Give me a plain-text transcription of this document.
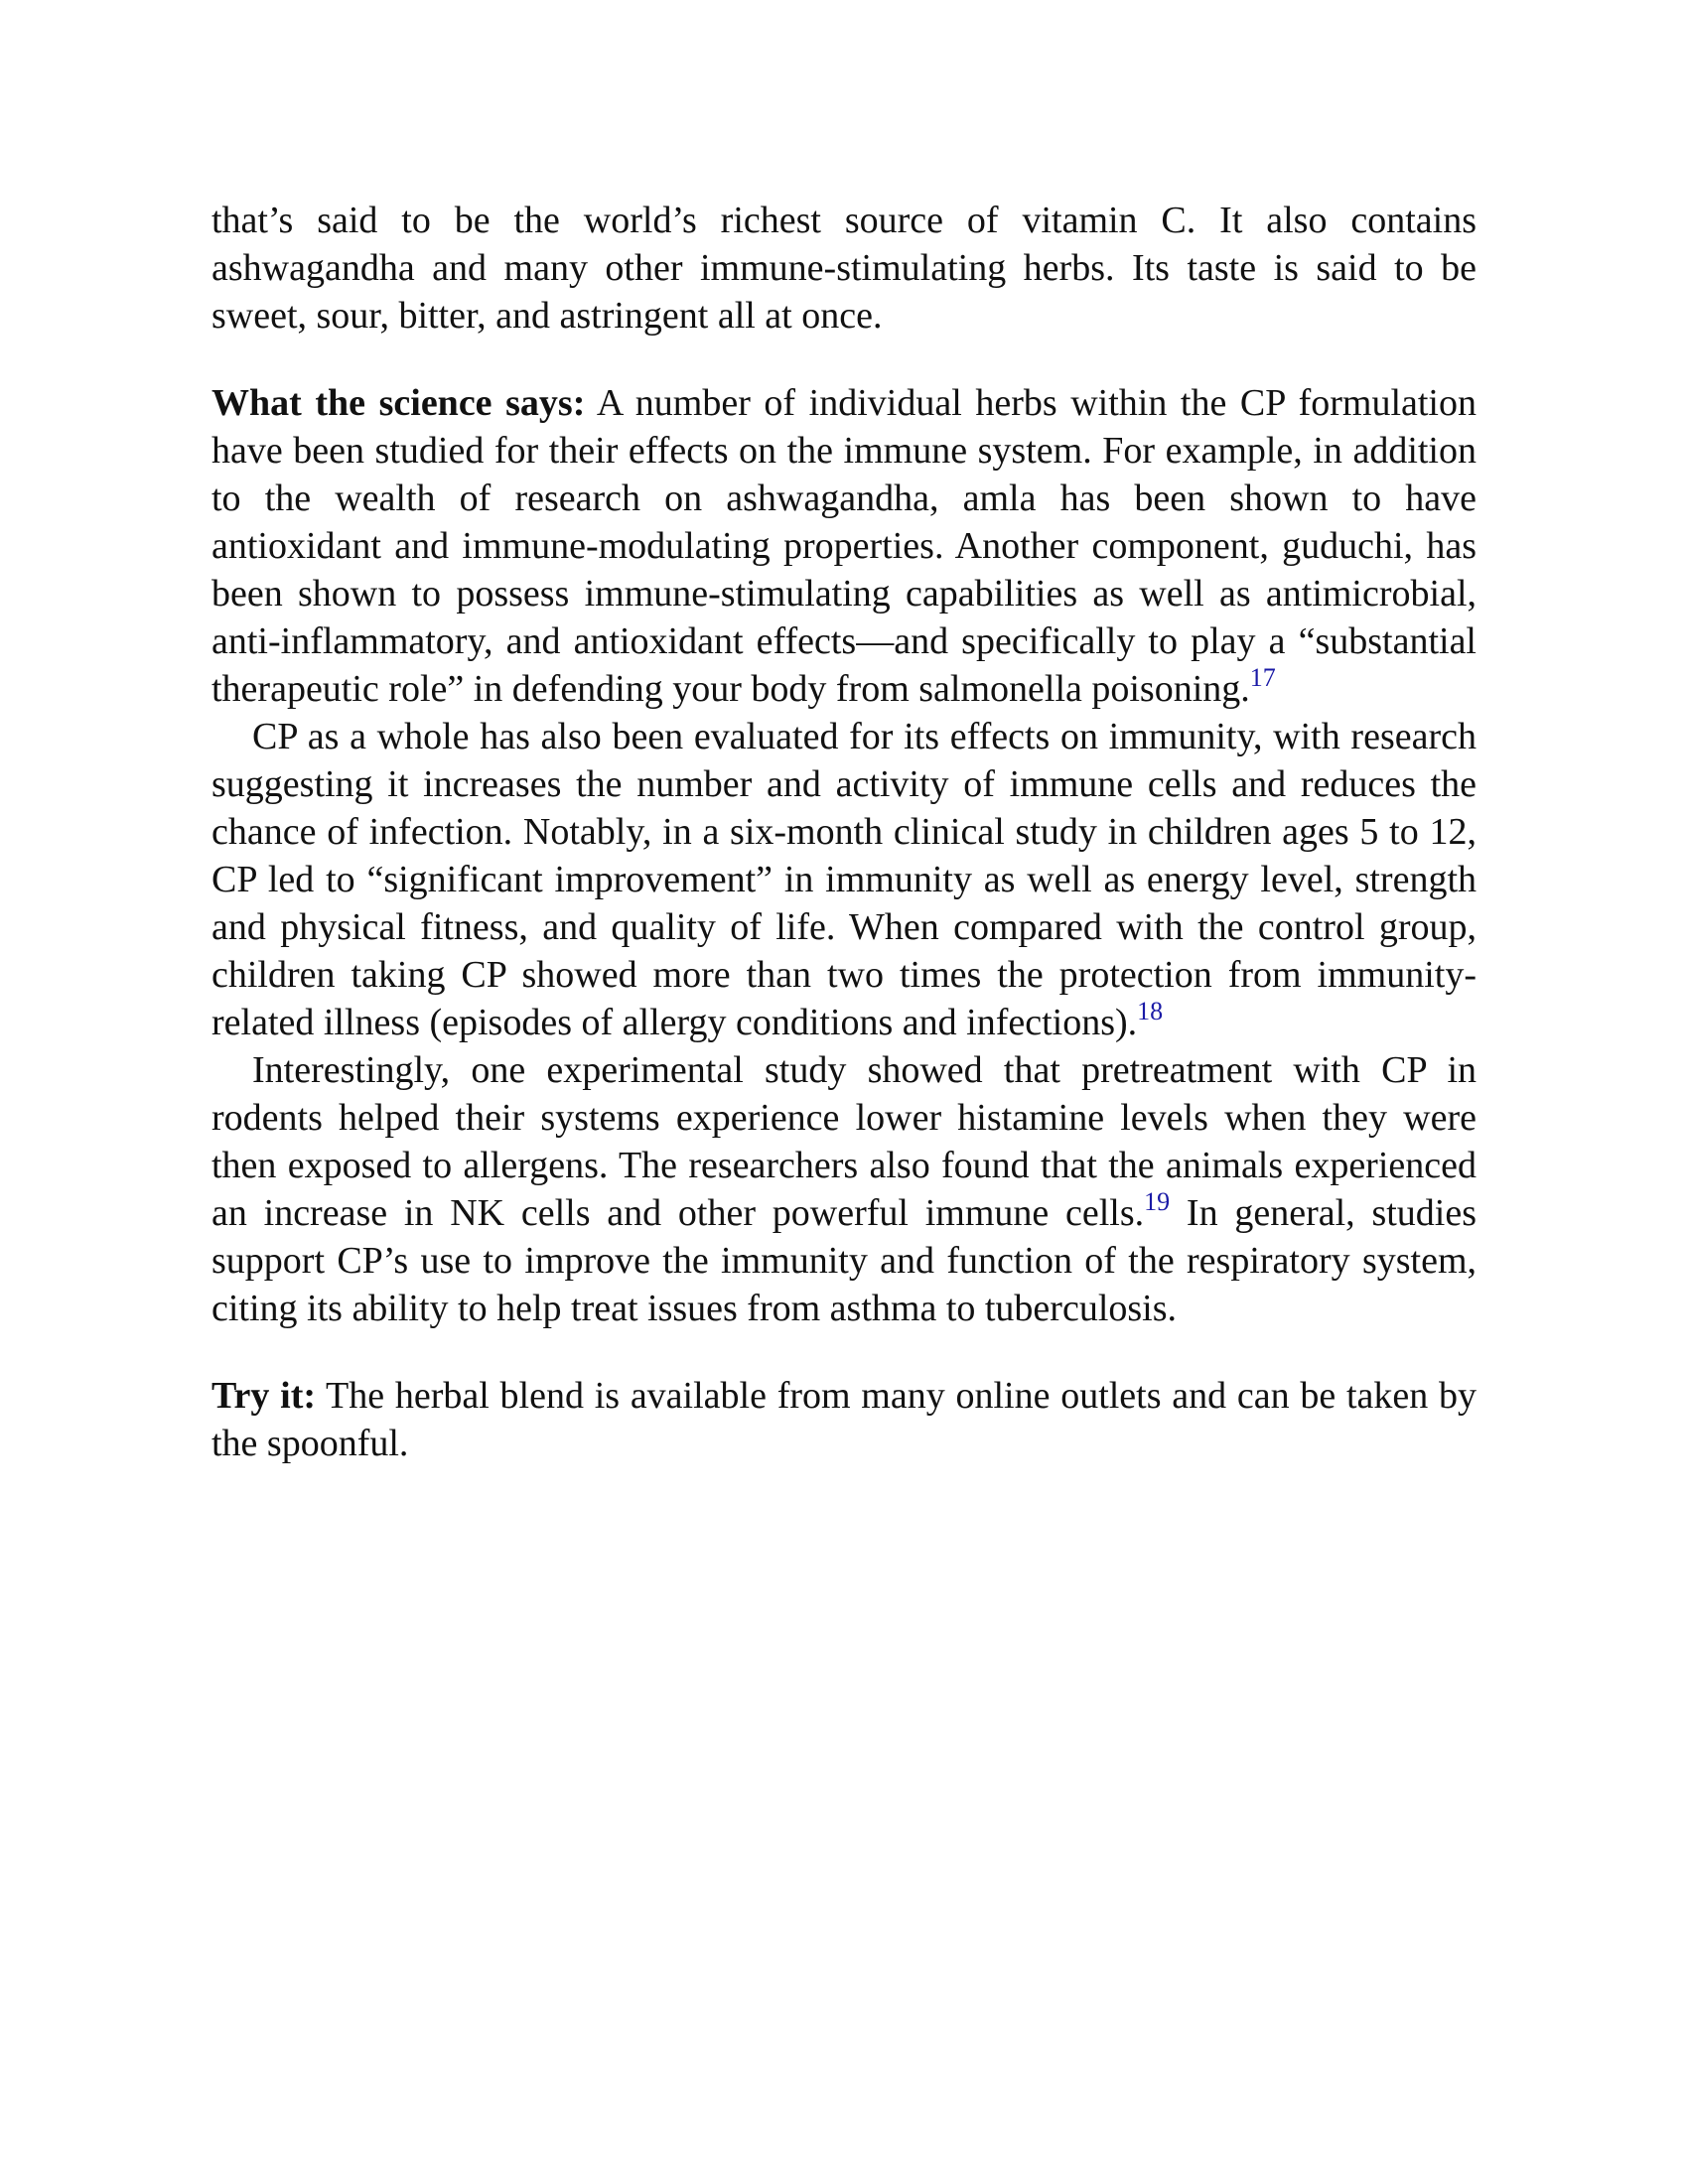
that’s said to be the world’s richest source of vitamin C. It also contains ashwagandha and many other immune-stimulating herbs. Its taste is said to be sweet, sour, bitter, and astringent all at once.

What the science says: A number of individual herbs within the CP formulation have been studied for their effects on the immune system. For example, in addition to the wealth of research on ashwagandha, amla has been shown to have antioxidant and immune-modulating properties. Another component, guduchi, has been shown to possess immune-stimulating capabilities as well as antimicrobial, anti-inflammatory, and antioxidant effects—and specifically to play a “substantial therapeutic role” in defending your body from salmonella poisoning.$^{17}$

CP as a whole has also been evaluated for its effects on immunity, with research suggesting it increases the number and activity of immune cells and reduces the chance of infection. Notably, in a six-month clinical study in children ages 5 to 12, CP led to “significant improvement” in immunity as well as energy level, strength and physical fitness, and quality of life. When compared with the control group, children taking CP showed more than two times the protection from immunity-related illness (episodes of allergy conditions and infections).$^{18}$

Interestingly, one experimental study showed that pretreatment with CP in rodents helped their systems experience lower histamine levels when they were then exposed to allergens. The researchers also found that the animals experienced an increase in NK cells and other powerful immune cells.$^{19}$ In general, studies support CP’s use to improve the immunity and function of the respiratory system, citing its ability to help treat issues from asthma to tuberculosis.

Try it: The herbal blend is available from many online outlets and can be taken by the spoonful.
